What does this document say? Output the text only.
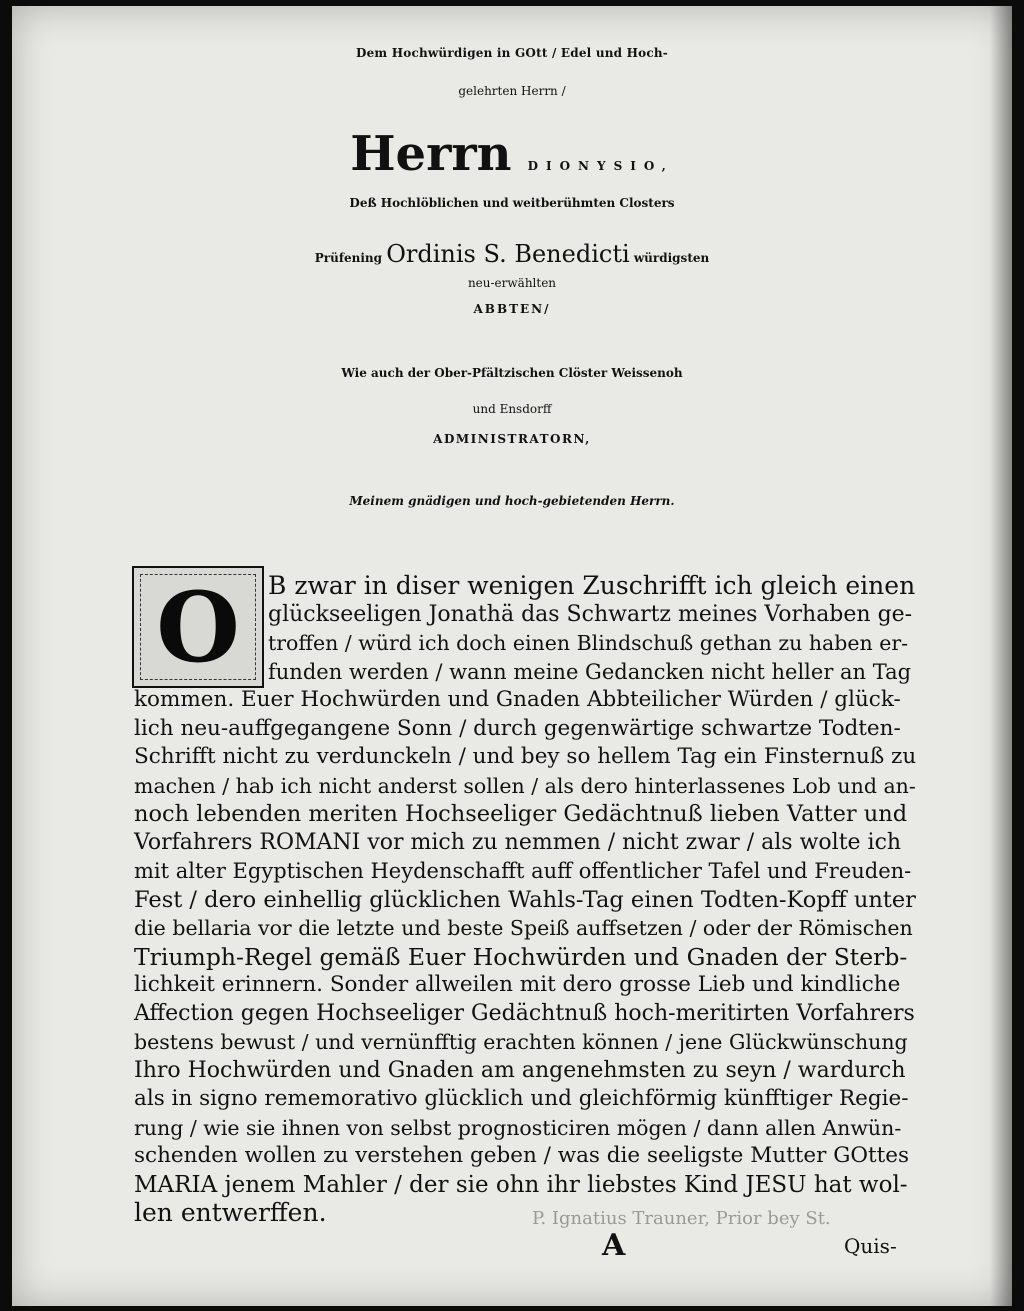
Dem Hochwürdigen in GOtt / Edel und Hoch-
gelehrten Herrn /
Herrn DIONYSIO,
Deß Hochlöblichen und weitberühmten Closters
Prüfening Ordinis S. Benedicti würdigsten
neu-erwählten
ABBTEN/
Wie auch der Ober-Pfältzischen Clöster Weissenoh
und Ensdorff
ADMINISTRATORN,
Meinem gnädigen und hoch-gebietenden Herrn.
O B zwar in diser wenigen Zuschrifft ich gleich einen
glückseeligen Jonathä das Schwartz meines Vorhaben ge-
troffen / würd ich doch einen Blindschuß gethan zu haben er-
funden werden / wann meine Gedancken nicht heller an Tag
kommen. Euer Hochwürden und Gnaden Abbteilicher Würden / glück-
lich neu-auffgegangene Sonn / durch gegenwärtige schwartze Todten-
Schrifft nicht zu verdunckeln / und bey so hellem Tag ein Finsternuß zu
machen / hab ich nicht anderst sollen / als dero hinterlassenes Lob und an-
noch lebenden meriten Hochseeliger Gedächtnuß lieben Vatter und
Vorfahrers ROMANI vor mich zu nemmen / nicht zwar / als wolte ich
mit alter Egyptischen Heydenschafft auff offentlicher Tafel und Freuden-
Fest / dero einhellig glücklichen Wahls-Tag einen Todten-Kopff unter
die bellaria vor die letzte und beste Speiß auffsetzen / oder der Römischen
Triumph-Regel gemäß Euer Hochwürden und Gnaden der Sterb-
lichkeit erinnern. Sonder allweilen mit dero grosse Lieb und kindliche
Affection gegen Hochseeliger Gedächtnuß hoch-meritirten Vorfahrers
bestens bewust / und vernünfftig erachten können / jene Glückwünschung
Ihro Hochwürden und Gnaden am angenehmsten zu seyn / wardurch
als in signo rememorativo glücklich und gleichförmig künfftiger Regie-
rung / wie sie ihnen von selbst prognosticiren mögen / dann allen Anwün-
schenden wollen zu verstehen geben / was die seeligste Mutter GOttes
MARIA jenem Mahler / der sie ohn ihr liebstes Kind JESU hat wol-
len entwerffen.	P. Ignatius Trauner, Prior bey St.
A	Quis-
